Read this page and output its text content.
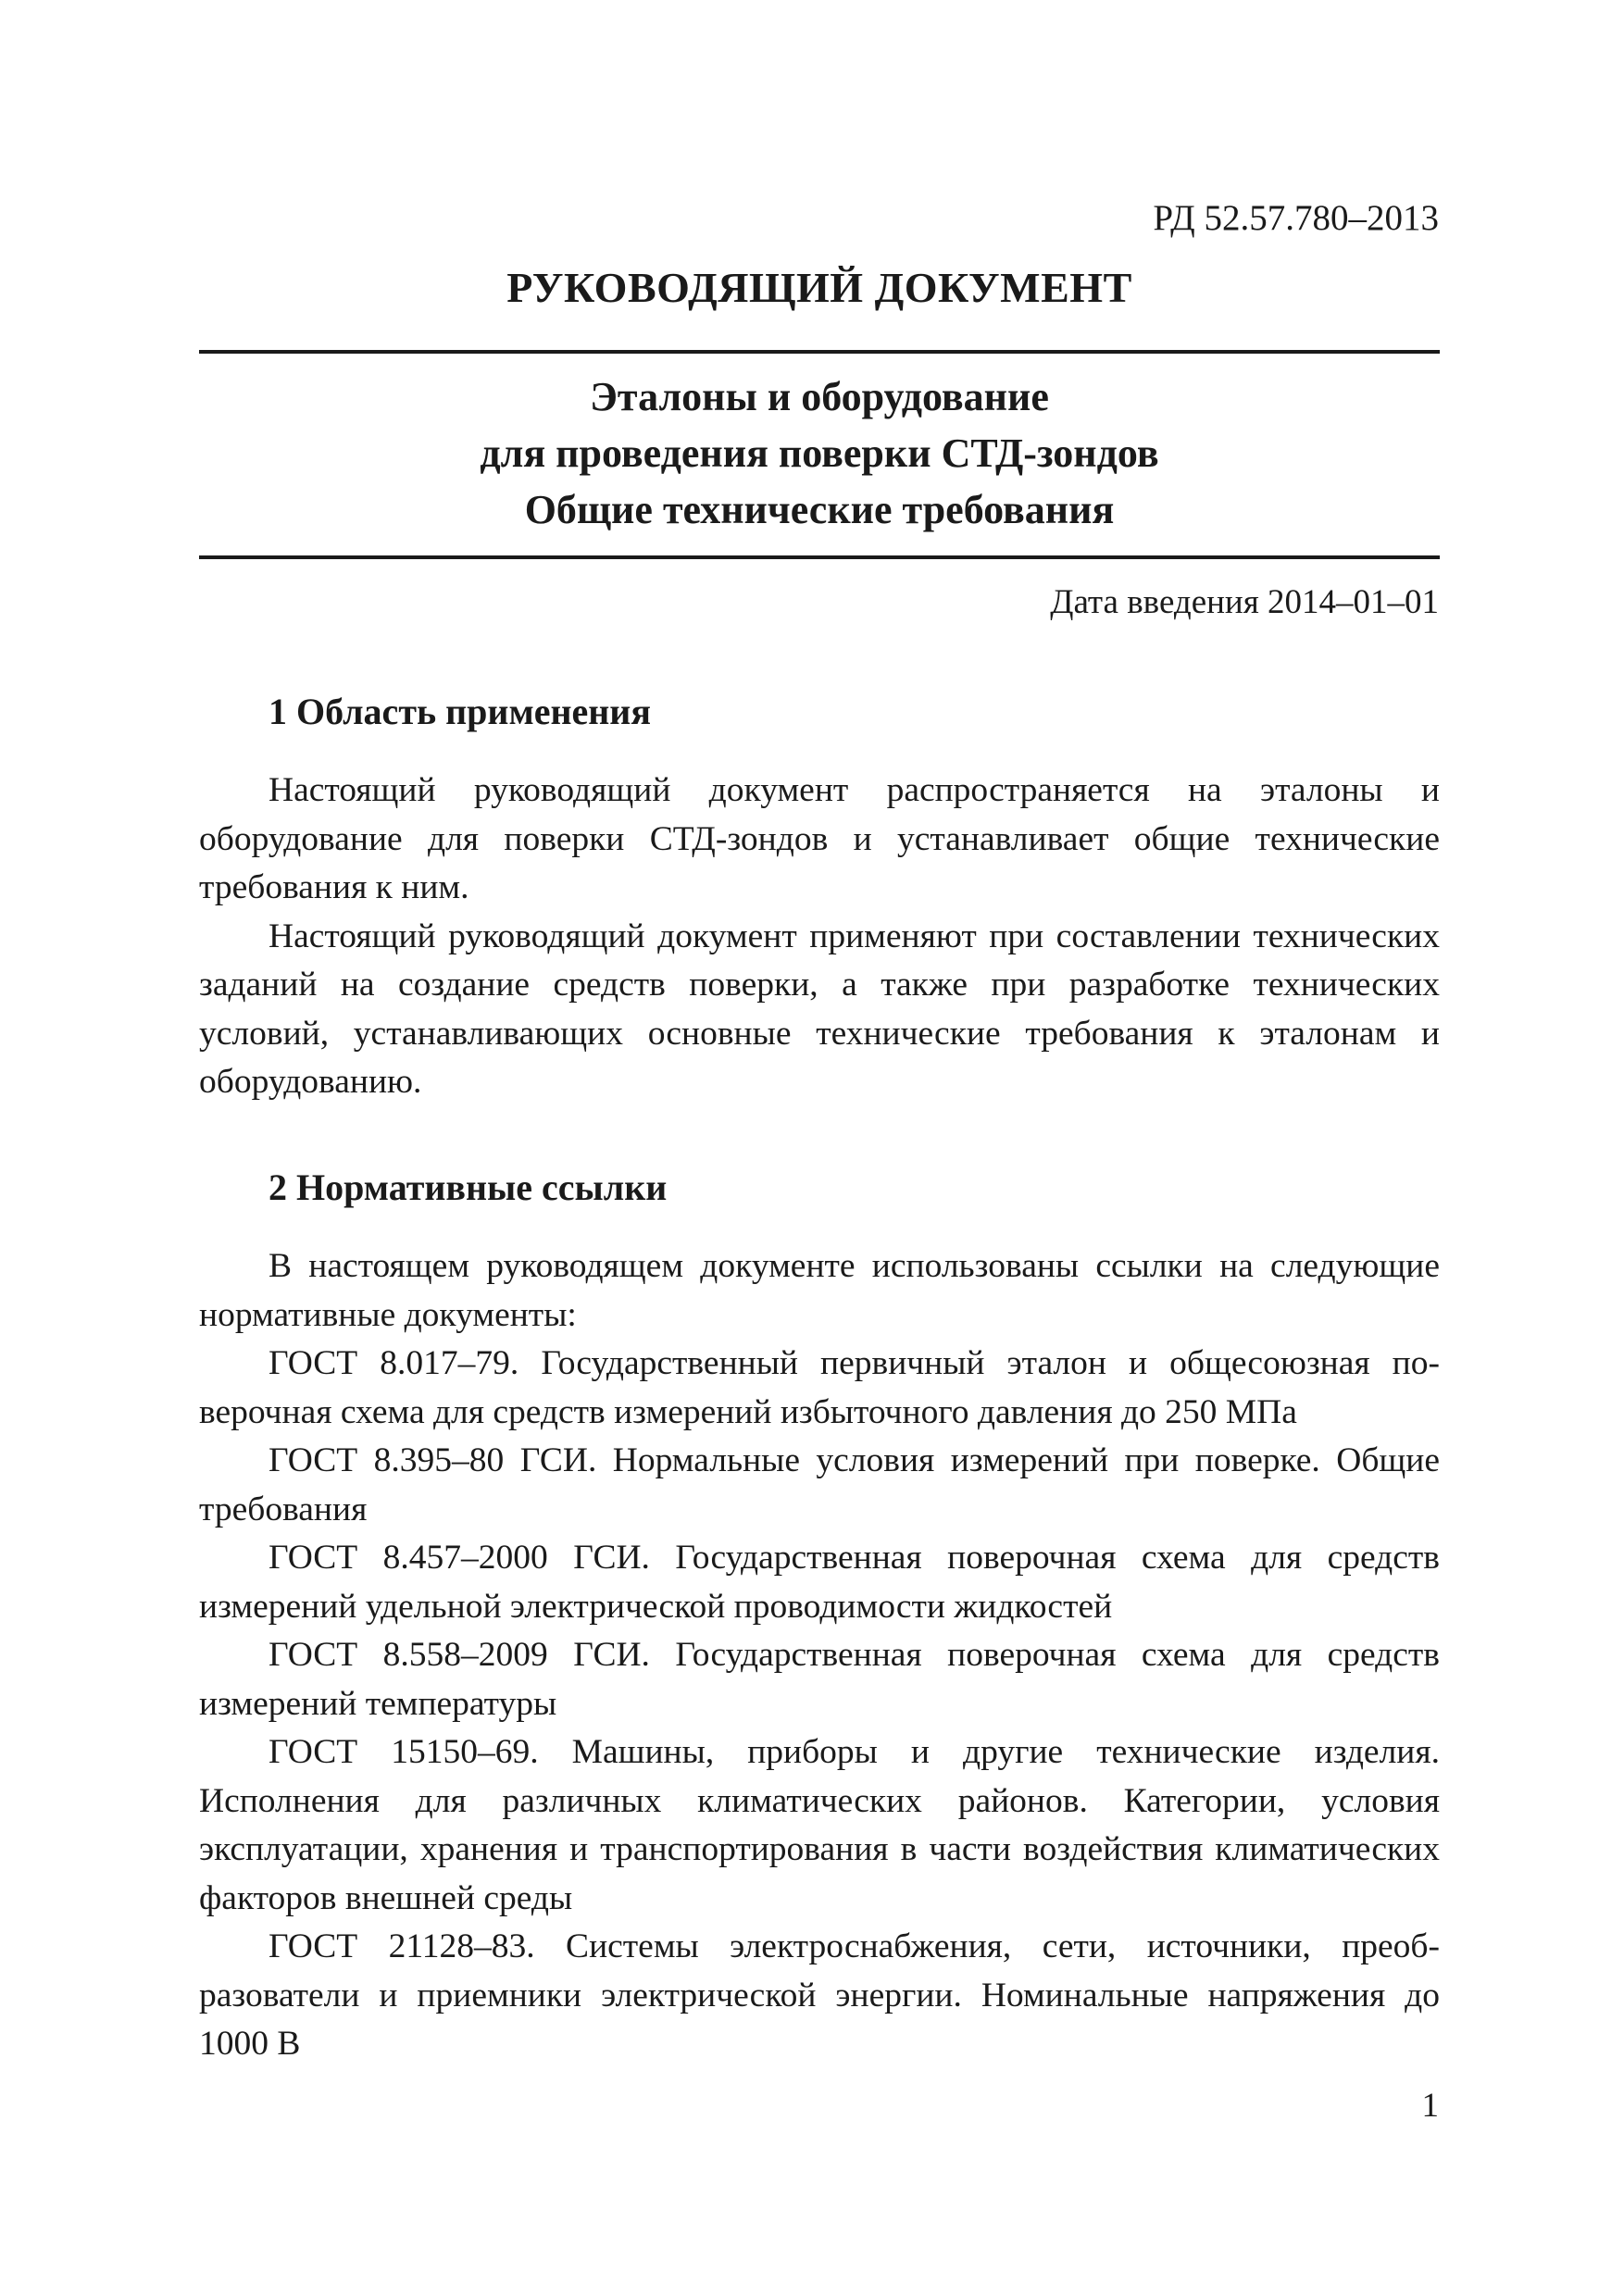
РД 52.57.780–2013
РУКОВОДЯЩИЙ ДОКУМЕНТ
Эталоны и оборудование
для проведения поверки СТД-зондов
Общие технические требования
Дата введения 2014–01–01
1 Область применения

Настоящий руководящий документ распространяется на эталоны и оборудование для поверки СТД-зондов и устанавливает общие технические требования к ним.

Настоящий руководящий документ применяют при составлении технических заданий на создание средств поверки, а также при разработке технических условий, устанавливающих основные технические требования к эталонам и оборудованию.

2 Нормативные ссылки

В настоящем руководящем документе использованы ссылки на следующие нормативные документы:

ГОСТ 8.017–79. Государственный первичный эталон и общесоюзная поверочная схема для средств измерений избыточного давления до 250 МПа

ГОСТ 8.395–80 ГСИ. Нормальные условия измерений при поверке. Общие требования

ГОСТ 8.457–2000 ГСИ. Государственная поверочная схема для средств измерений удельной электрической проводимости жидкостей

ГОСТ 8.558–2009 ГСИ. Государственная поверочная схема для средств измерений температуры

ГОСТ 15150–69. Машины, приборы и другие технические изделия. Исполнения для различных климатических районов. Категории, условия эксплуатации, хранения и транспортирования в части воздействия климатических факторов внешней среды

ГОСТ 21128–83. Системы электроснабжения, сети, источники, преобразователи и приемники электрической энергии. Номинальные напряжения до 1000 В

1
